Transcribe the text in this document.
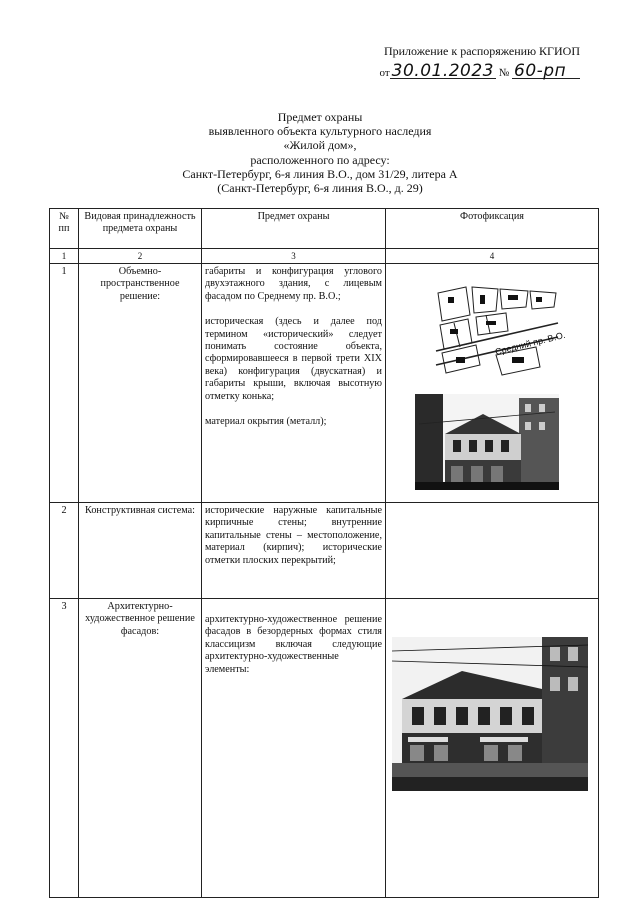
Приложение к распоряжению КГИОП
от 30.01.2023 № 60-рп
Предмет охраны
выявленного объекта культурного наследия
«Жилой дом»,
расположенного по адресу:
Санкт-Петербург, 6-я линия В.О., дом 31/29, литера А
(Санкт-Петербург, 6-я линия В.О., д. 29)
№ пп	Видовая принадлежность предмета охраны	Предмет охраны	Фотофиксация
1	2	3	4
1	Объемно-пространственное решение:	габариты и конфигурация углового двухэтажного здания, с лицевым фасадом по Среднему пр. В.О.;

историческая (здесь и далее под термином «исторический» следует понимать состояние объекта, сформировавшееся в первой трети XIX века) конфигурация (двускатная) и габариты крыши, включая высотную отметку конька;

материал окрытия (металл);	Средний пр. В.О.

2	Конструктивная система:	исторические наружные капитальные кирпичные стены; внутренние капитальные стены – местоположение, материал (кирпич); исторические отметки плоских перекрытий;	

3	Архитектурно-художественное решение фасадов:	архитектурно-художественное решение фасадов в безордерных формах стиля классицизм включая следующие архитектурно-художественные элементы:
